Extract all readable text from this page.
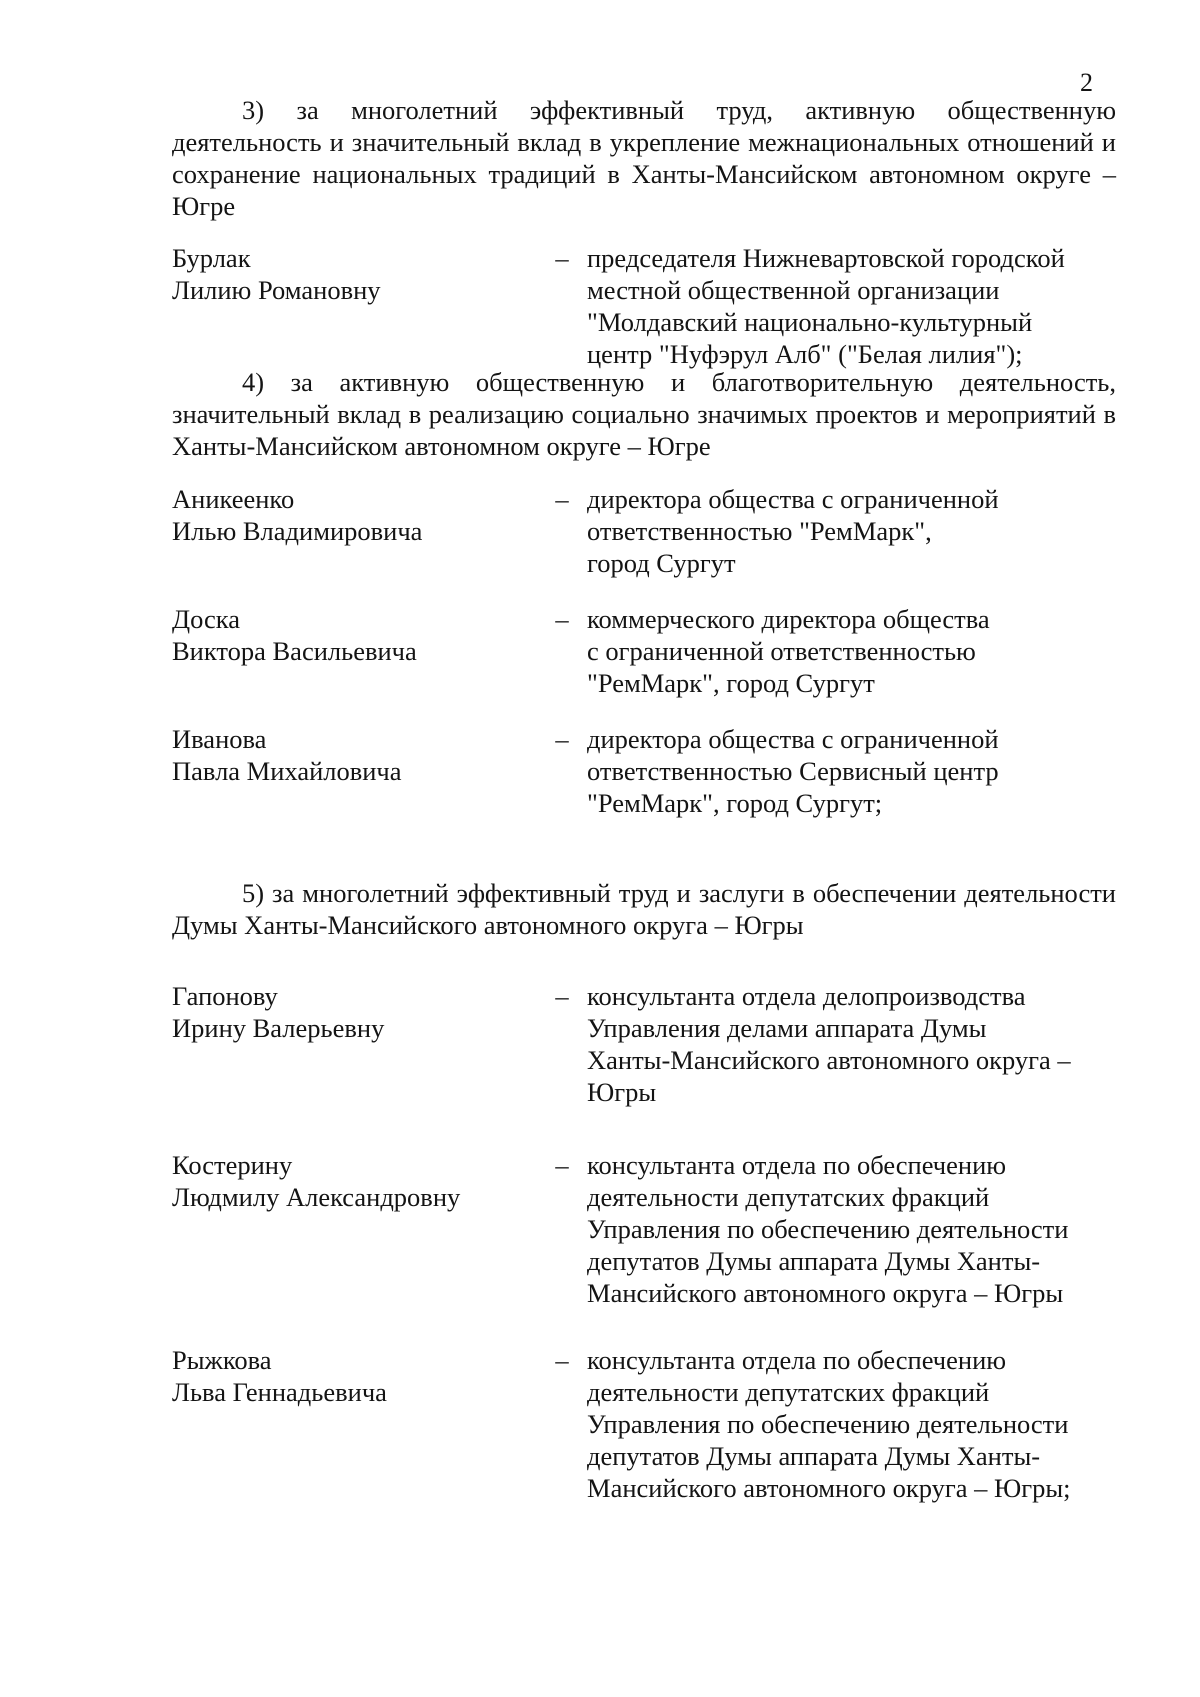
2
3) за многолетний эффективный труд, активную общественную деятельность и значительный вклад в укрепление межнациональных отношений и сохранение национальных традиций в Ханты-Мансийском автономном округе – Югре
Бурлак
Лилию Романовну
– председателя Нижневартовской городской
местной общественной организации
"Молдавский национально-культурный
центр "Нуфэрул Алб" ("Белая лилия");
4) за активную общественную и благотворительную деятельность, значительный вклад в реализацию социально значимых проектов и мероприятий в Ханты-Мансийском автономном округе – Югре
Аникеенко
Илью Владимировича
– директора общества с ограниченной
ответственностью "РемМарк",
город Сургут
Доска
Виктора Васильевича
– коммерческого директора общества
с ограниченной ответственностью
"РемМарк", город Сургут
Иванова
Павла Михайловича
– директора общества с ограниченной
ответственностью Сервисный центр
"РемМарк", город Сургут;
5) за многолетний эффективный труд и заслуги в обеспечении деятельности Думы Ханты-Мансийского автономного округа – Югры
Гапонову
Ирину Валерьевну
– консультанта отдела делопроизводства
Управления делами аппарата Думы
Ханты-Мансийского автономного округа –
Югры
Костерину
Людмилу Александровну
– консультанта отдела по обеспечению
деятельности депутатских фракций
Управления по обеспечению деятельности
депутатов Думы аппарата Думы Ханты-
Мансийского автономного округа – Югры
Рыжкова
Льва Геннадьевича
– консультанта отдела по обеспечению
деятельности депутатских фракций
Управления по обеспечению деятельности
депутатов Думы аппарата Думы Ханты-
Мансийского автономного округа – Югры;
